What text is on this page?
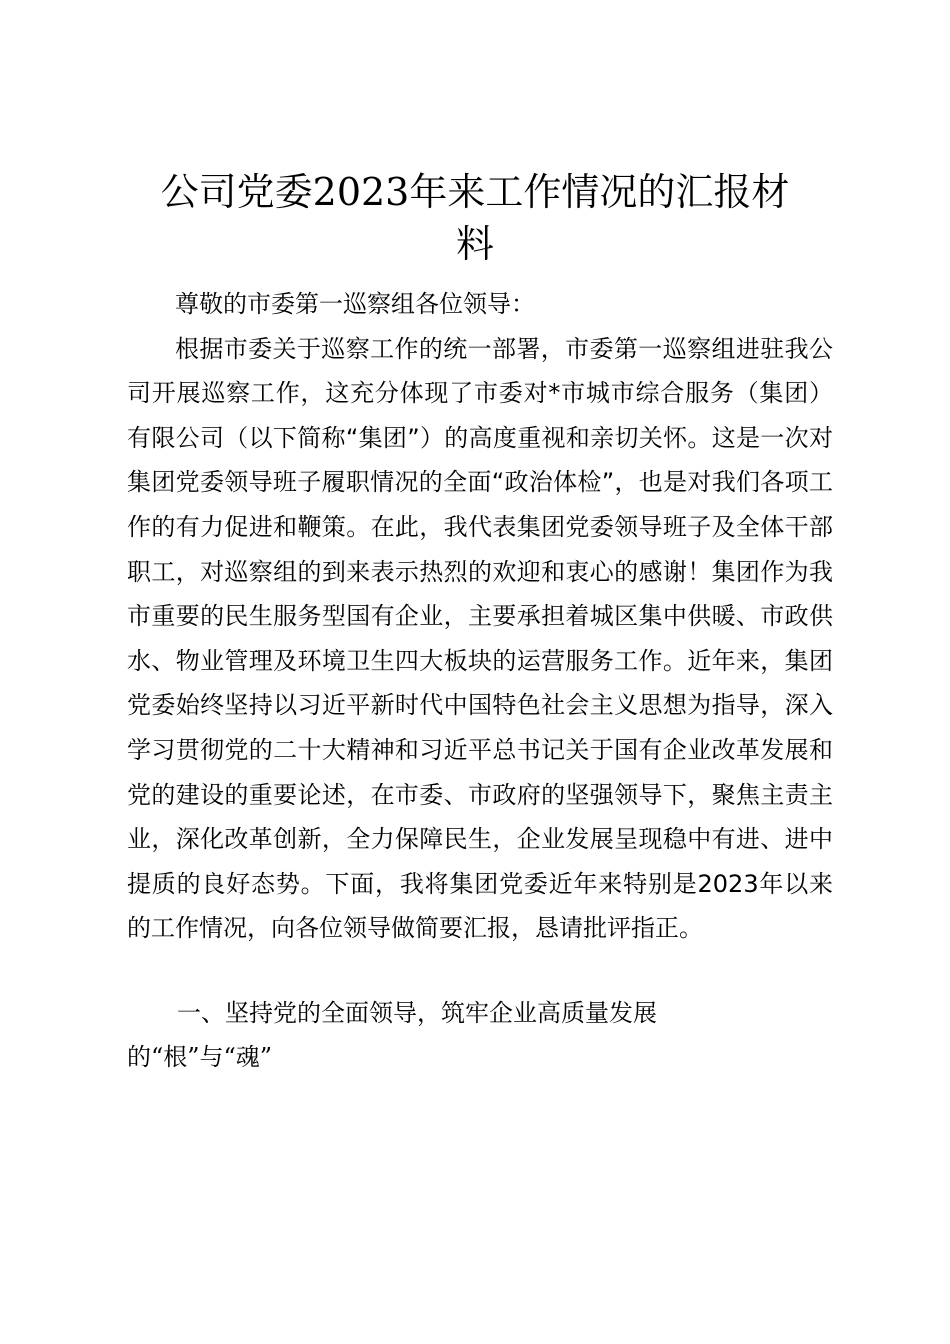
公司党委2023年来工作情况的汇报材
料

尊敬的市委第一巡察组各位领导：

根据市委关于巡察工作的统一部署，市委第一巡察组进驻我公司开展巡察工作，这充分体现了市委对*市城市综合服务（集团）有限公司（以下简称“集团”）的高度重视和亲切关怀。这是一次对集团党委领导班子履职情况的全面“政治体检”，也是对我们各项工作的有力促进和鞭策。在此，我代表集团党委领导班子及全体干部职工，对巡察组的到来表示热烈的欢迎和衷心的感谢！集团作为我市重要的民生服务型国有企业，主要承担着城区集中供暖、市政供水、物业管理及环境卫生四大板块的运营服务工作。近年来，集团党委始终坚持以习近平新时代中国特色社会主义思想为指导，深入学习贯彻党的二十大精神和习近平总书记关于国有企业改革发展和党的建设的重要论述，在市委、市政府的坚强领导下，聚焦主责主业，深化改革创新，全力保障民生，企业发展呈现稳中有进、进中提质的良好态势。下面，我将集团党委近年来特别是2023年以来的工作情况，向各位领导做简要汇报，恳请批评指正。

一、坚持党的全面领导，筑牢企业高质量发展
的“根”与“魂”
